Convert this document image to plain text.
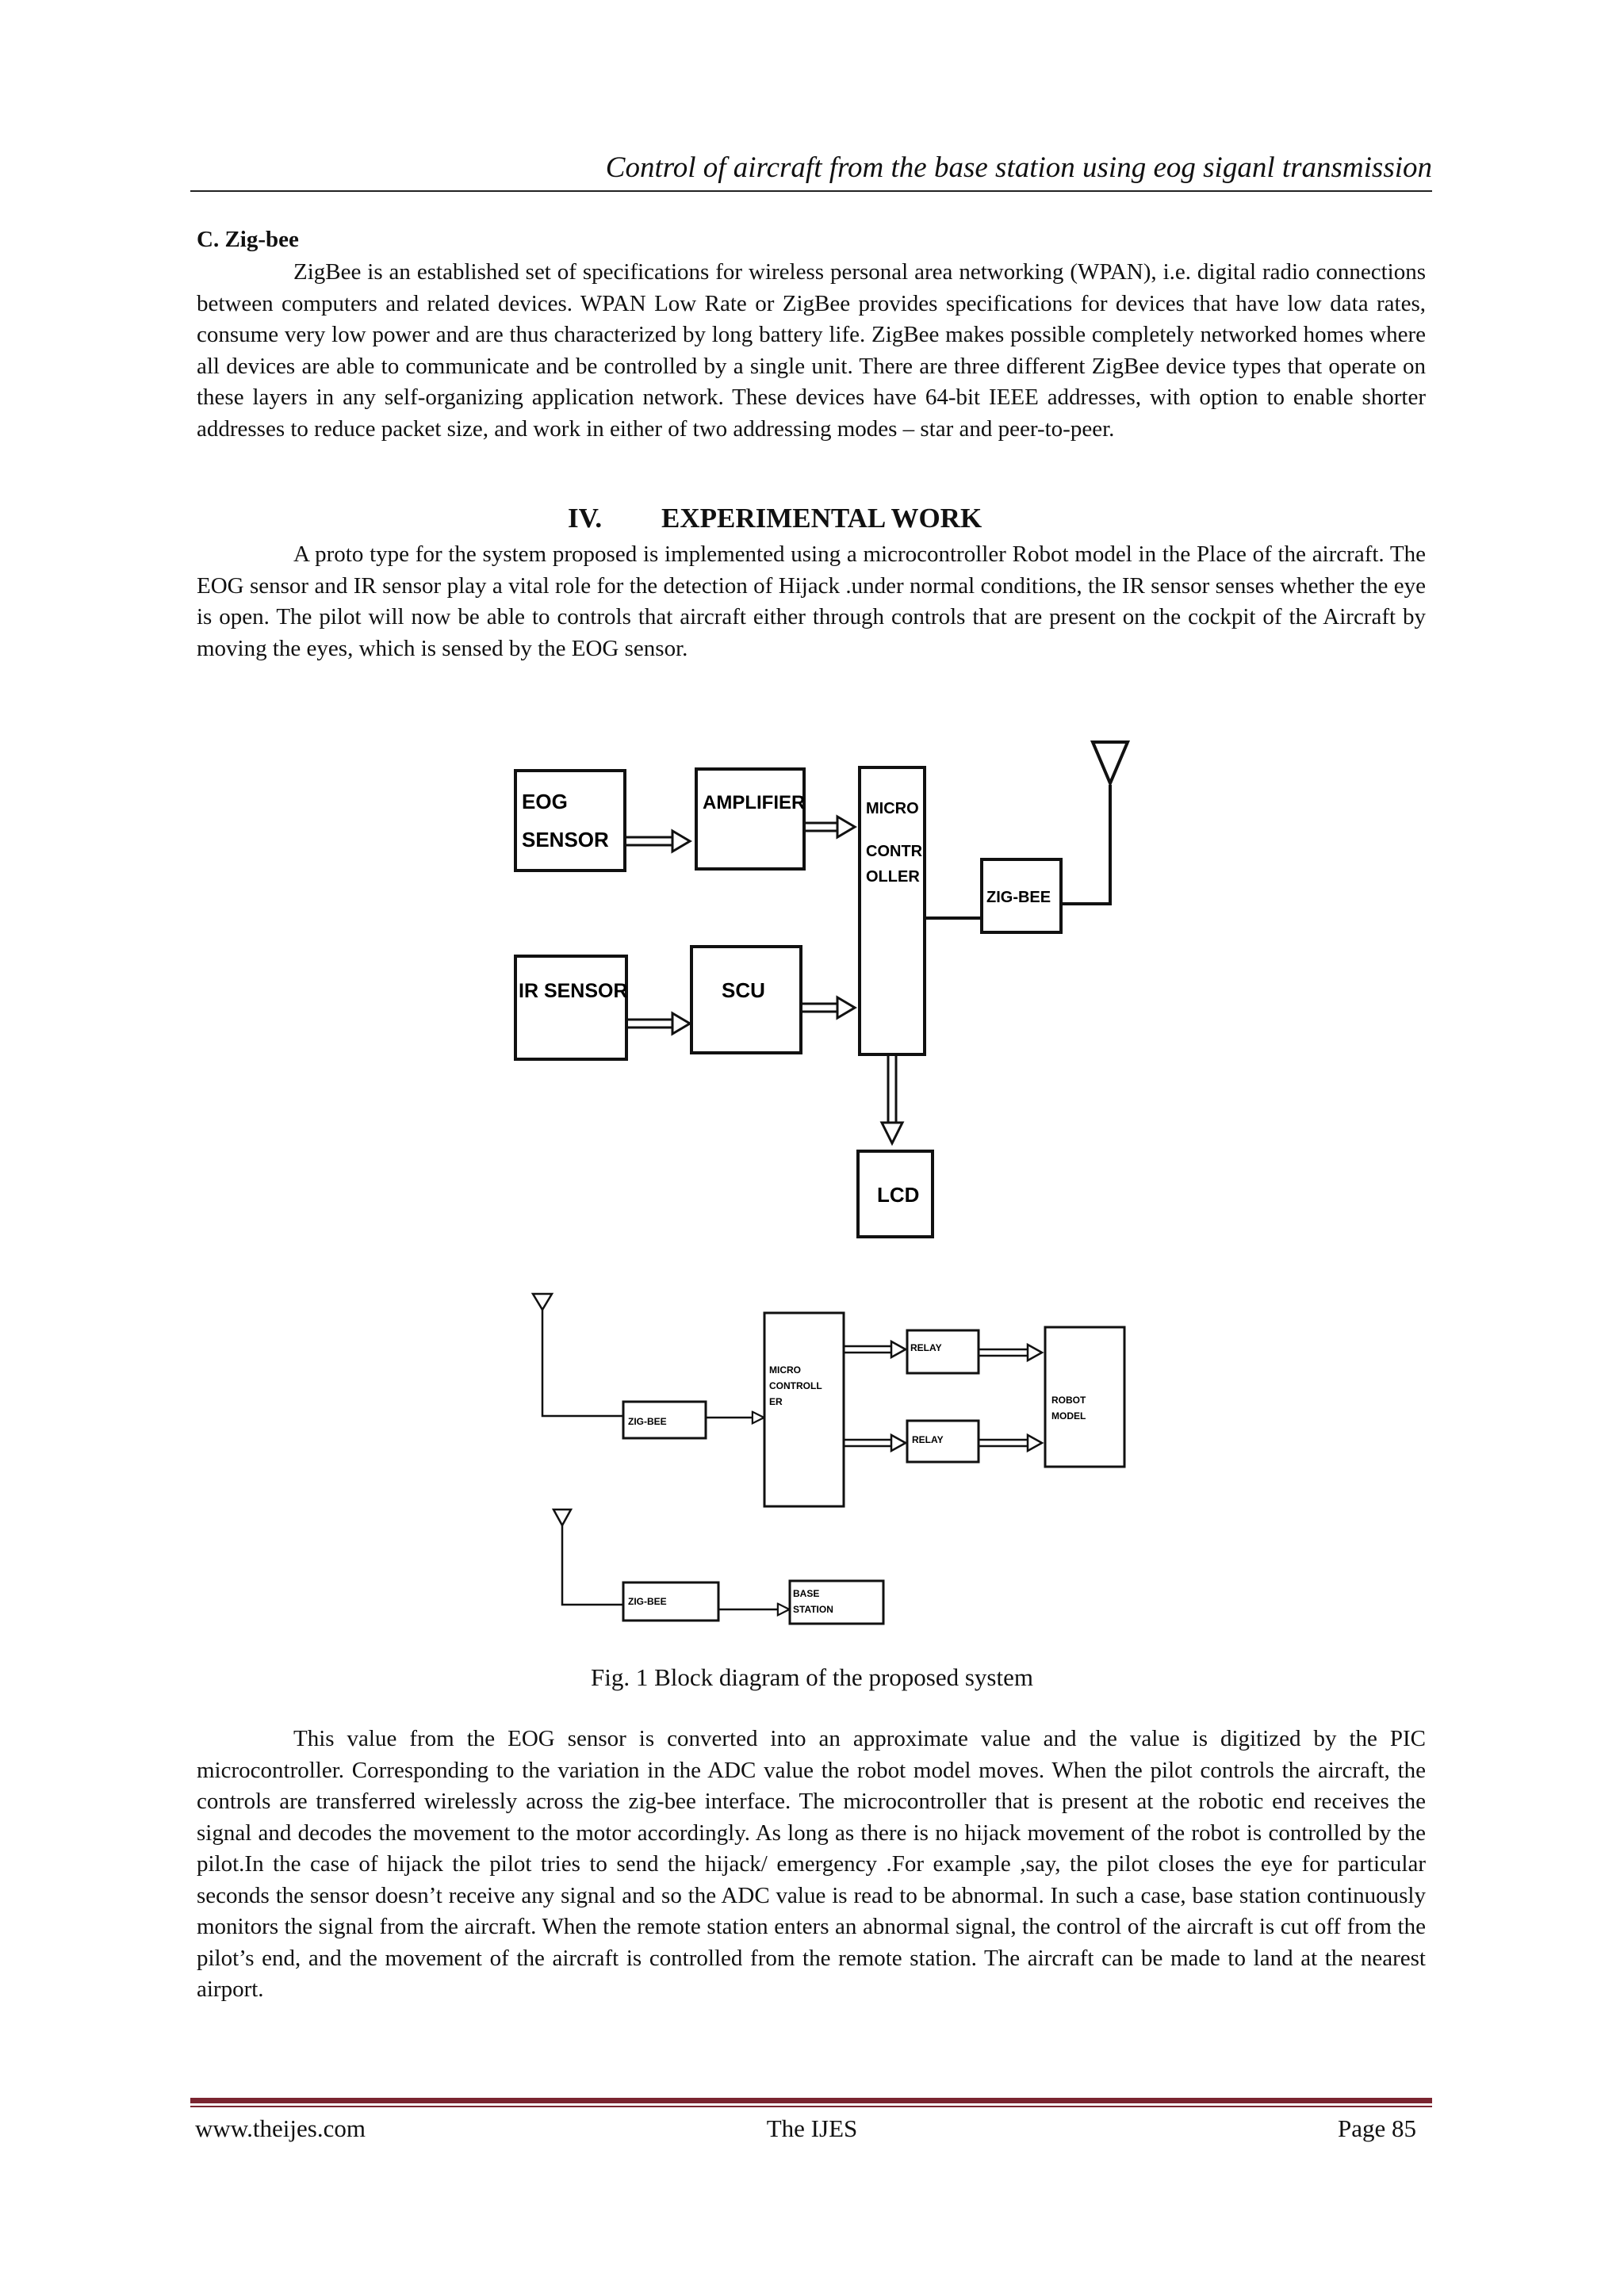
Control of aircraft from the base station using eog siganl transmission
C. Zig-bee

ZigBee is an established set of specifications for wireless personal area networking (WPAN), i.e. digital radio connections between computers and related devices. WPAN Low Rate or ZigBee provides specifications for devices that have low data rates, consume very low power and are thus characterized by long battery life. ZigBee makes possible completely networked homes where all devices are able to communicate and be controlled by a single unit. There are three different ZigBee device types that operate on these layers in any self-organizing application network. These devices have 64-bit IEEE addresses, with option to enable shorter addresses to reduce packet size, and work in either of two addressing modes – star and peer-to-peer.

IV. EXPERIMENTAL WORK

A proto type for the system proposed is implemented using a microcontroller Robot model in the Place of the aircraft. The EOG sensor and IR sensor play a vital role for the detection of Hijack .under normal conditions, the IR sensor senses whether the eye is open. The pilot will now be able to controls that aircraft either through controls that are present on the cockpit of the Aircraft by moving the eyes, which is sensed by the EOG sensor.

EOG
SENSOR
AMPLIFIER	MICRO
CONTR
OLLER
IR SENSOR	SCU
ZIG-BEE
LCD
ZIG-BEE
MICRO
CONTROLL
ER
RELAY
RELAY
ROBOT
MODEL
ZIG-BEE
BASE
STATION
Fig. 1 Block diagram of the proposed system

This value from the EOG sensor is converted into an approximate value and the value is digitized by the PIC microcontroller. Corresponding to the variation in the ADC value the robot model moves. When the pilot controls the aircraft, the controls are transferred wirelessly across the zig-bee interface. The microcontroller that is present at the robotic end receives the signal and decodes the movement to the motor accordingly. As long as there is no hijack movement of the robot is controlled by the pilot.In the case of hijack the pilot tries to send the hijack/ emergency .For example ,say, the pilot closes the eye for particular seconds the sensor doesn’t receive any signal and so the ADC value is read to be abnormal. In such a case, base station continuously monitors the signal from the aircraft. When the remote station enters an abnormal signal, the control of the aircraft is cut off from the pilot’s end, and the movement of the aircraft is controlled from the remote station. The aircraft can be made to land at the nearest airport.

www.theijes.com	The IJES	Page 85
